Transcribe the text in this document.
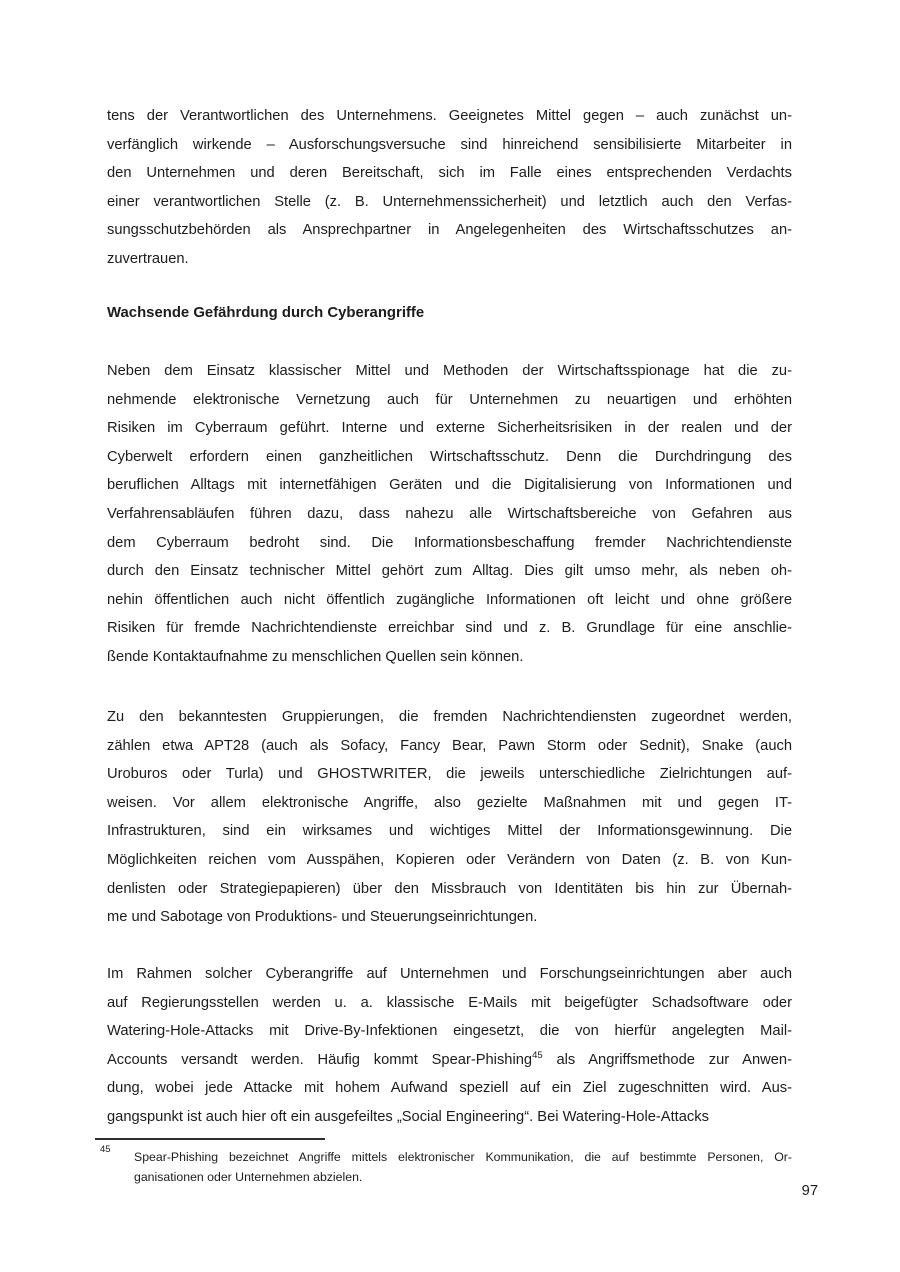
tens der Verantwortlichen des Unternehmens. Geeignetes Mittel gegen – auch zunächst un-
verfänglich wirkende – Ausforschungsversuche sind hinreichend sensibilisierte Mitarbeiter in
den Unternehmen und deren Bereitschaft, sich im Falle eines entsprechenden Verdachts
einer verantwortlichen Stelle (z. B. Unternehmenssicherheit) und letztlich auch den Verfas-
sungsschutzbehörden als Ansprechpartner in Angelegenheiten des Wirtschaftsschutzes an-
zuvertrauen.
Wachsende Gefährdung durch Cyberangriffe
Neben dem Einsatz klassischer Mittel und Methoden der Wirtschaftsspionage hat die zu-
nehmende elektronische Vernetzung auch für Unternehmen zu neuartigen und erhöhten
Risiken im Cyberraum geführt. Interne und externe Sicherheitsrisiken in der realen und der
Cyberwelt erfordern einen ganzheitlichen Wirtschaftsschutz. Denn die Durchdringung des
beruflichen Alltags mit internetfähigen Geräten und die Digitalisierung von Informationen und
Verfahrensabläufen führen dazu, dass nahezu alle Wirtschaftsbereiche von Gefahren aus
dem Cyberraum bedroht sind. Die Informationsbeschaffung fremder Nachrichtendienste
durch den Einsatz technischer Mittel gehört zum Alltag. Dies gilt umso mehr, als neben oh-
nehin öffentlichen auch nicht öffentlich zugängliche Informationen oft leicht und ohne größere
Risiken für fremde Nachrichtendienste erreichbar sind und z. B. Grundlage für eine anschlie-
ßende Kontaktaufnahme zu menschlichen Quellen sein können.
Zu den bekanntesten Gruppierungen, die fremden Nachrichtendiensten zugeordnet werden,
zählen etwa APT28 (auch als Sofacy, Fancy Bear, Pawn Storm oder Sednit), Snake (auch
Uroburos oder Turla) und GHOSTWRITER, die jeweils unterschiedliche Zielrichtungen auf-
weisen. Vor allem elektronische Angriffe, also gezielte Maßnahmen mit und gegen IT-
Infrastrukturen, sind ein wirksames und wichtiges Mittel der Informationsgewinnung. Die
Möglichkeiten reichen vom Ausspähen, Kopieren oder Verändern von Daten (z. B. von Kun-
denlisten oder Strategiepapieren) über den Missbrauch von Identitäten bis hin zur Übernah-
me und Sabotage von Produktions- und Steuerungseinrichtungen.
Im Rahmen solcher Cyberangriffe auf Unternehmen und Forschungseinrichtungen aber auch
auf Regierungsstellen werden u. a. klassische E-Mails mit beigefügter Schadsoftware oder
Watering-Hole-Attacks mit Drive-By-Infektionen eingesetzt, die von hierfür angelegten Mail-
Accounts versandt werden. Häufig kommt Spear-Phishing$^{45}$ als Angriffsmethode zur Anwen-
dung, wobei jede Attacke mit hohem Aufwand speziell auf ein Ziel zugeschnitten wird. Aus-
gangspunkt ist auch hier oft ein ausgefeiltes „Social Engineering“. Bei Watering-Hole-Attacks
45
Spear-Phishing bezeichnet Angriffe mittels elektronischer Kommunikation, die auf bestimmte Personen, Or-
ganisationen oder Unternehmen abzielen.
97
